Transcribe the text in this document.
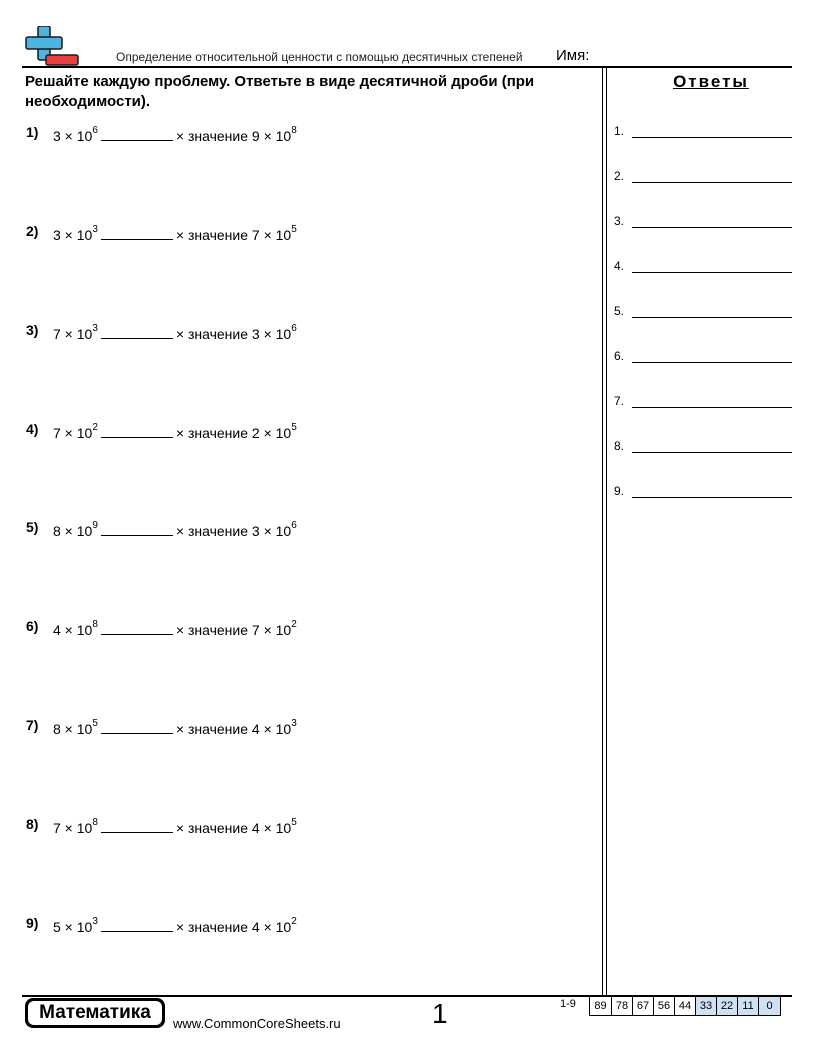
Определение относительной ценности с помощью десятичных степеней Имя:
Решайте каждую проблему. Ответьте в виде десятичной дроби (при необходимости).
1) $3 \times 10^6$	× значение $9 \times 10^8$
2) $3 \times 10^3$	× значение $7 \times 10^5$
3) $7 \times 10^3$	× значение $3 \times 10^6$
4) $7 \times 10^2$	× значение $2 \times 10^5$
5) $8 \times 10^9$	× значение $3 \times 10^6$
6) $4 \times 10^8$	× значение $7 \times 10^2$
7) $8 \times 10^5$	× значение $4 \times 10^3$
8) $7 \times 10^8$	× значение $4 \times 10^5$
9) $5 \times 10^3$	× значение $4 \times 10^2$
Ответы
1.
2.
3.
4.
5.
6.
7.
8.
9.
Математика
www.CommonCoreSheets.ru	1	1-9	89 78 67 56 44 33 22 11	0
